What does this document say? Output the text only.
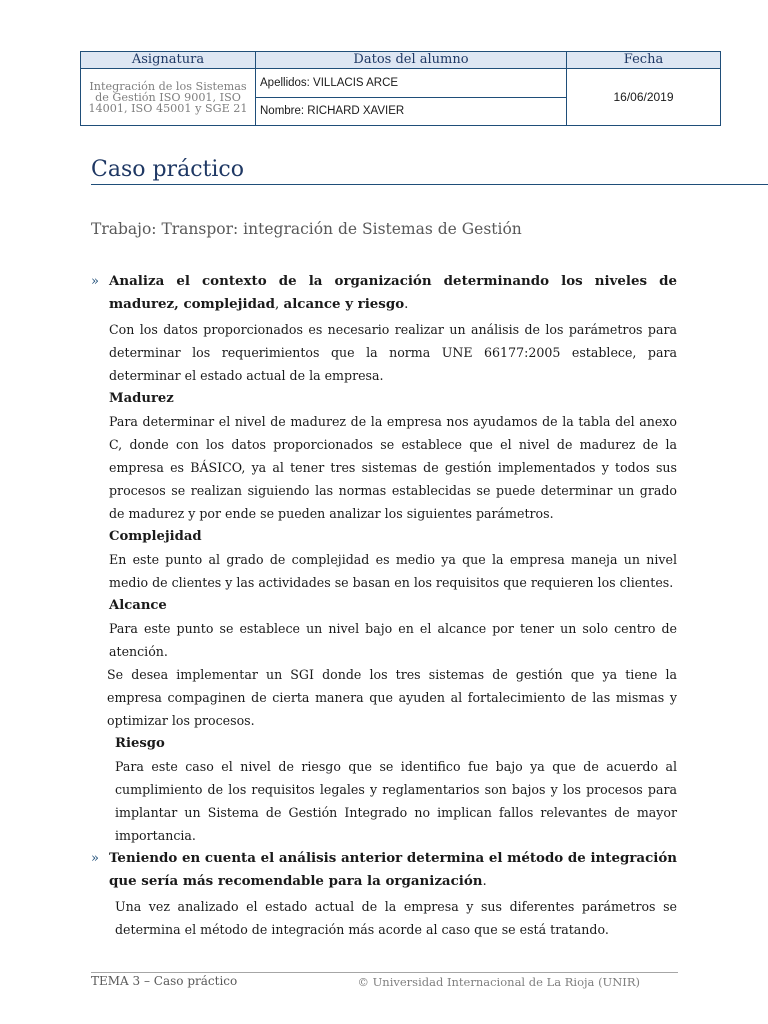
Asignatura	Datos del alumno	Fecha
Integración de los Sistemas de Gestión ISO 9001, ISO 14001, ISO 45001 y SGE 21	Apellidos: VILLACIS ARCE	16/06/2019
	Nombre: RICHARD XAVIER	
Caso práctico
Trabajo: Transpor: integración de Sistemas de Gestión
» Analiza el contexto de la organización determinando los niveles de madurez, complejidad, alcance y riesgo.
Con los datos proporcionados es necesario realizar un análisis de los parámetros para determinar los requerimientos que la norma UNE 66177:2005 establece, para determinar el estado actual de la empresa.
Madurez
Para determinar el nivel de madurez de la empresa nos ayudamos de la tabla del anexo C, donde con los datos proporcionados se establece que el nivel de madurez de la empresa es BÁSICO, ya al tener tres sistemas de gestión implementados y todos sus procesos se realizan siguiendo las normas establecidas se puede determinar un grado de madurez y por ende se pueden analizar los siguientes parámetros.
Complejidad
En este punto al grado de complejidad es medio ya que la empresa maneja un nivel medio de clientes y las actividades se basan en los requisitos que requieren los clientes.
Alcance
Para este punto se establece un nivel bajo en el alcance por tener un solo centro de atención.
Se desea implementar un SGI donde los tres sistemas de gestión que ya tiene la empresa compaginen de cierta manera que ayuden al fortalecimiento de las mismas y optimizar los procesos.
Riesgo
Para este caso el nivel de riesgo que se identifico fue bajo ya que de acuerdo al cumplimiento de los requisitos legales y reglamentarios son bajos y los procesos para implantar un Sistema de Gestión Integrado no implican fallos relevantes de mayor importancia.
» Teniendo en cuenta el análisis anterior determina el método de integración que sería más recomendable para la organización.
Una vez analizado el estado actual de la empresa y sus diferentes parámetros se determina el método de integración más acorde al caso que se está tratando.
TEMA 3 – Caso práctico	© Universidad Internacional de La Rioja (UNIR)
